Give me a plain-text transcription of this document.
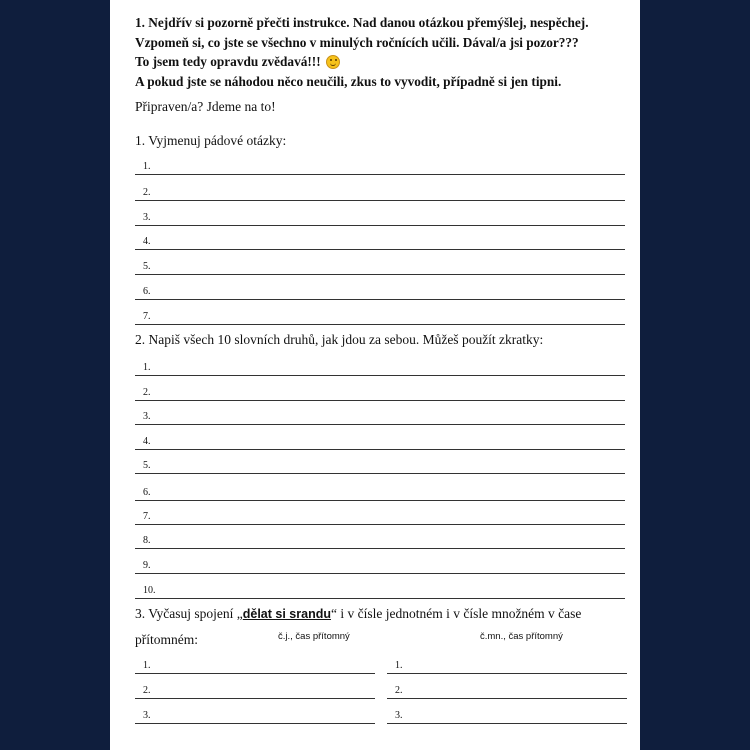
1. Nejdřív si pozorně přečti instrukce. Nad danou otázkou přemýšlej, nespěchej.
Vzpomeň si, co jste se všechno v minulých ročnících učili. Dával/a jsi pozor???
To jsem tedy opravdu zvědavá!!!
A pokud jste se náhodou něco neučili, zkus to vyvodit, případně si jen tipni.
Připraven/a? Jdeme na to!
1. Vyjmenuj pádové otázky:
1.
2.
3.
4.
5.
6.
7.
2. Napiš všech 10 slovních druhů, jak jdou za sebou. Můžeš použít zkratky:
1.
2.
3.
4.
5.
6.
7.
8.
9.
10.
3. Vyčasuj spojení „dělat si srandu“ i v čísle jednotném i v čísle množném v čase
přítomném:	č.j., čas přítomný	č.mn., čas přítomný
1.
2.
3.
1.
2.
3.
